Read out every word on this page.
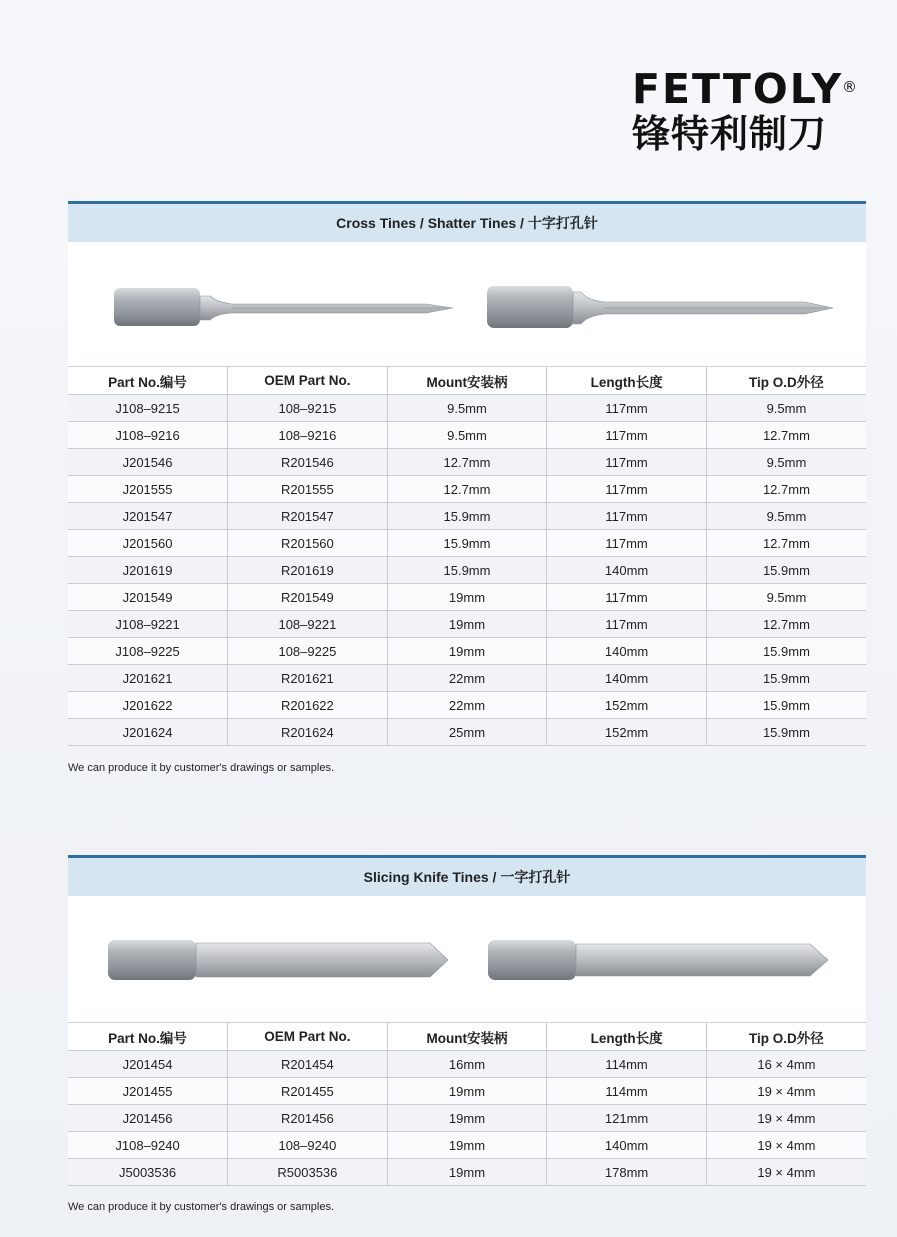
FETTOLY
®
锋特利制刀
Cross Tines / Shatter Tines / 十字打孔针
Part No.编号	OEM Part No.	Mount安装柄	Length长度	Tip O.D外径
J108–9215	108–9215	9.5mm	117mm	9.5mm
J108–9216	108–9216	9.5mm	117mm	12.7mm
J201546	R201546	12.7mm	117mm	9.5mm
J201555	R201555	12.7mm	117mm	12.7mm
J201547	R201547	15.9mm	117mm	9.5mm
J201560	R201560	15.9mm	117mm	12.7mm
J201619	R201619	15.9mm	140mm	15.9mm
J201549	R201549	19mm	117mm	9.5mm
J108–9221	108–9221	19mm	117mm	12.7mm
J108–9225	108–9225	19mm	140mm	15.9mm
J201621	R201621	22mm	140mm	15.9mm
J201622	R201622	22mm	152mm	15.9mm
J201624	R201624	25mm	152mm	15.9mm
We can produce it by customer's drawings or samples.
Slicing Knife Tines / 一字打孔针
Part No.编号	OEM Part No.	Mount安装柄	Length长度	Tip O.D外径
J201454	R201454	16mm	114mm	16 × 4mm
J201455	R201455	19mm	114mm	19 × 4mm
J201456	R201456	19mm	121mm	19 × 4mm
J108–9240	108–9240	19mm	140mm	19 × 4mm
J5003536	R5003536	19mm	178mm	19 × 4mm
We can produce it by customer's drawings or samples.
